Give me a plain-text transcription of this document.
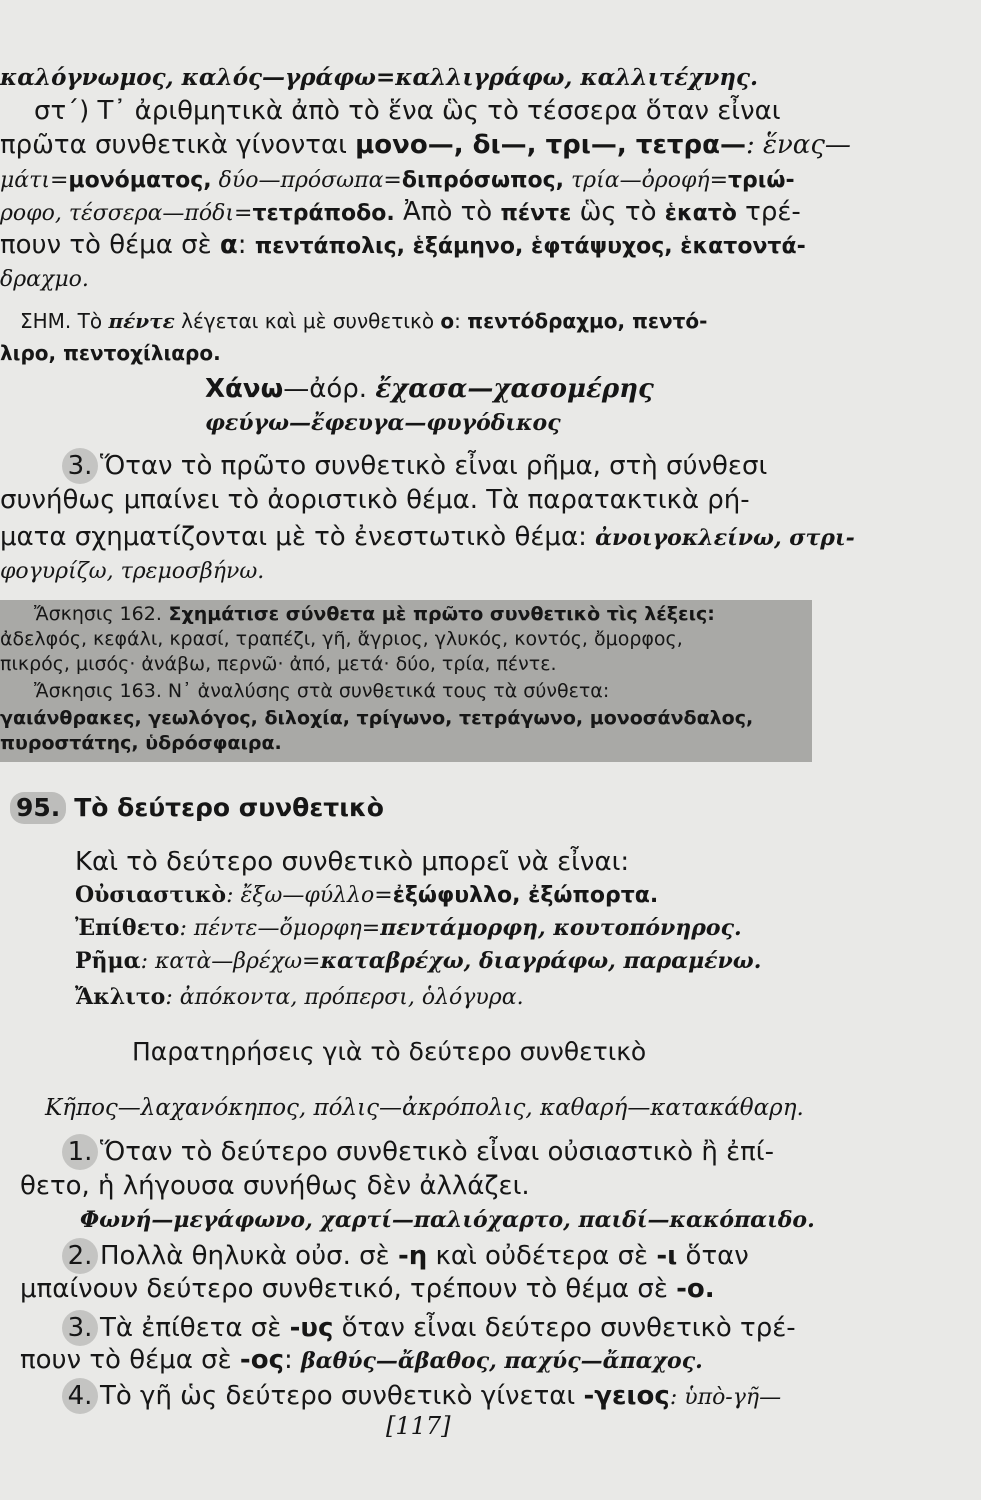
καλόγνωμος, καλός—γράφω=καλλιγράφω, καλλιτέχνης.
στ΄) Τ᾿ ἀριθμητικὰ ἀπὸ τὸ ἕνα ὣς τὸ τέσσερα ὅταν εἶναι
πρῶτα συνθετικὰ γίνονται μονο—, δι—, τρι—, τετρα—: ἕνας—
μάτι=μονόματος, δύο—πρόσωπα=διπρόσωπος, τρία—ὀροφή=τριώ-
ροφο, τέσσερα—πόδι=τετράποδο. Ἀπὸ τὸ πέντε ὣς τὸ ἑκατὸ τρέ-
πουν τὸ θέμα σὲ α: πεντάπολις, ἑξάμηνο, ἑφτάψυχος, ἑκατοντά-
δραχμο.
ΣΗΜ. Τὸ πέντε λέγεται καὶ μὲ συνθετικὸ ο: πεντόδραχμο, πεντό-
λιρο, πεντοχίλιαρο.
Χάνω—ἀόρ. ἔχασα—χασομέρης
φεύγω—ἔφευγα—φυγόδικος
3. Ὅταν τὸ πρῶτο συνθετικὸ εἶναι ρῆμα, στὴ σύνθεσι
συνήθως μπαίνει τὸ ἀοριστικὸ θέμα. Τὰ παρατακτικὰ ρή-
ματα σχηματίζονται μὲ τὸ ἐνεστωτικὸ θέμα: ἀνοιγοκλείνω, στρι-
φογυρίζω, τρεμοσβήνω.
Ἄσκησις 162. Σχημάτισε σύνθετα μὲ πρῶτο συνθετικὸ τὶς λέξεις:
ἀδελφός, κεφάλι, κρασί, τραπέζι, γῆ, ἄγριος, γλυκός, κοντός, ὄμορφος,
πικρός, μισός· ἀνάβω, περνῶ· ἀπό, μετά· δύο, τρία, πέντε.
Ἄσκησις 163. Ν᾿ ἀναλύσης στὰ συνθετικά τους τὰ σύνθετα:
γαιάνθρακες, γεωλόγος, διλοχία, τρίγωνο, τετράγωνο, μονοσάνδαλος,
πυροστάτης, ὑδρόσφαιρα.
95. Τὸ δεύτερο συνθετικὸ
Καὶ τὸ δεύτερο συνθετικὸ μπορεῖ νὰ εἶναι:
Οὐσιαστικὸ: ἔξω—φύλλο=ἐξώφυλλο, ἐξώπορτα.
Ἐπίθετο: πέντε—ὄμορφη=πεντάμορφη, κουτοπόνηρος.
Ρῆμα: κατὰ—βρέχω=καταβρέχω, διαγράφω, παραμένω.
Ἄκλιτο: ἀπόκοντα, πρόπερσι, ὁλόγυρα.
Παρατηρήσεις γιὰ τὸ δεύτερο συνθετικὸ
Κῆπος—λαχανόκηπος, πόλις—ἀκρόπολις, καθαρή—κατακάθαρη.
1. Ὅταν τὸ δεύτερο συνθετικὸ εἶναι οὐσιαστικὸ ἢ ἐπί-
θετο, ἡ λήγουσα συνήθως δὲν ἀλλάζει.
Φωνή—μεγάφωνο, χαρτί—παλιόχαρτο, παιδί—κακόπαιδο.
2. Πολλὰ θηλυκὰ οὐσ. σὲ -η καὶ οὐδέτερα σὲ -ι ὅταν
μπαίνουν δεύτερο συνθετικό, τρέπουν τὸ θέμα σὲ -ο.
3. Τὰ ἐπίθετα σὲ -υς ὅταν εἶναι δεύτερο συνθετικὸ τρέ-
πουν τὸ θέμα σὲ -ος: βαθύς—ἄβαθος, παχύς—ἄπαχος.
4. Τὸ γῆ ὡς δεύτερο συνθετικὸ γίνεται -γειος: ὑπὸ-γῆ—
[117]
